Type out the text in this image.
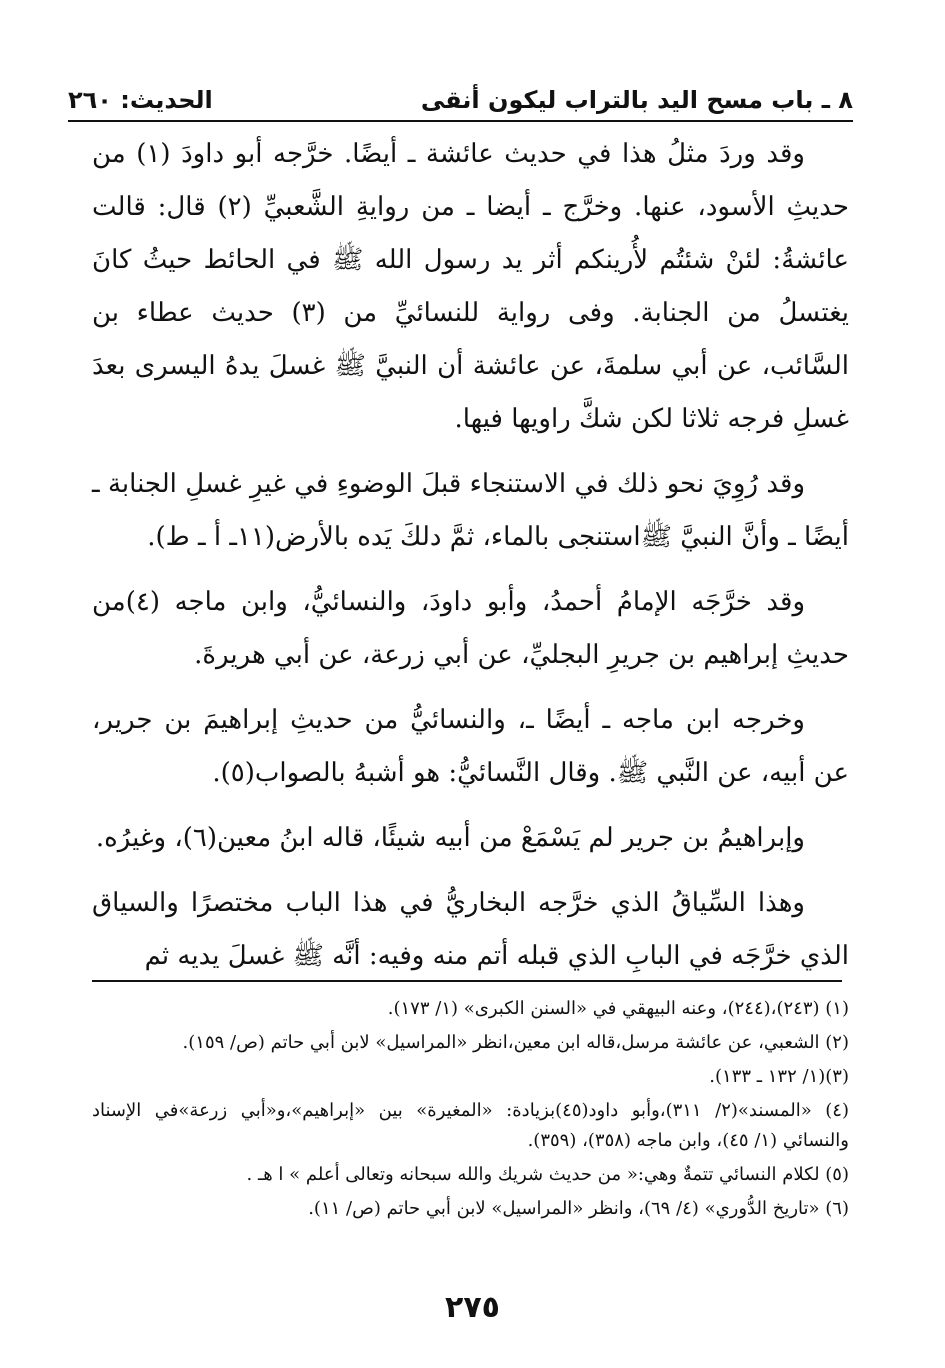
٨ ـ باب مسح اليد بالتراب ليكون أنقى
الحديث: ٢٦٠

وقد وردَ مثلُ هذا في حديث عائشة ـ أيضًا. خرَّجه أبو داودَ (١) من حديثِ الأسود، عنها. وخرَّج ـ أيضا ـ من روايةِ الشَّعبيِّ (٢) قال: قالت عائشةُ: لئنْ شئتُم لأُرينكم أثر يد رسول الله ﷺ في الحائط حيثُ كانَ يغتسلُ من الجنابة. وفى رواية للنسائيِّ من (٣) حديث عطاء بن السَّائب، عن أبي سلمةَ، عن عائشة أن النبيَّ ﷺ غسلَ يدهُ اليسرى بعدَ غسلِ فرجه ثلاثا لكن شكَّ راويها فيها.

وقد رُوِيَ نحو ذلك في الاستنجاء قبلَ الوضوءِ في غيرِ غسلِ الجنابة ـ أيضًا ـ وأنَّ النبيَّ ﷺاستنجى بالماء، ثمَّ دلكَ يَده بالأرض(١١ـ أ ـ ط).

وقد خرَّجَه الإمامُ أحمدُ، وأبو داودَ، والنسائيُّ، وابن ماجه (٤)من حديثِ إبراهيم بن جريرِ البجليِّ، عن أبي زرعة، عن أبي هريرةَ.

وخرجه ابن ماجه ـ أيضًا ـ، والنسائيُّ من حديثِ إبراهيمَ بن جرير، عن أبيه، عن النَّبي ﷺ. وقال النَّسائيُّ: هو أشبهُ بالصواب(٥).

وإبراهيمُ بن جرير لم يَسْمَعْ من أبيه شيئًا، قاله ابنُ معين(٦)، وغيرُه.

وهذا السِّياقُ الذي خرَّجه البخاريُّ في هذا الباب مختصرًا والسياق الذي خرَّجَه في البابِ الذي قبله أتم منه وفيه: أنَّه ﷺ غسلَ يديه ثم

(١) (٢٤٣)،(٢٤٤)، وعنه البيهقي في «السنن الكبرى» (١/ ١٧٣).

(٢) الشعبي، عن عائشة مرسل،قاله ابن معين،انظر «المراسيل» لابن أبي حاتم (ص/ ١٥٩).

(٣)(١/ ١٣٢ ـ ١٣٣).

(٤) «المسند»(٢/ ٣١١)،وأبو داود(٤٥)بزيادة: «المغيرة» بين «إبراهيم»،و«أبي زرعة»في الإسناد والنسائي (١/ ٤٥)، وابن ماجه (٣٥٨)، (٣٥٩).

(٥) لكلام النسائي تتمةٌ وهي:« من حديث شريك والله سبحانه وتعالى أعلم » ا هـ .

(٦) «تاريخ الدُّوري» (٤/ ٦٩)، وانظر «المراسيل» لابن أبي حاتم (ص/ ١١).

٢٧٥
